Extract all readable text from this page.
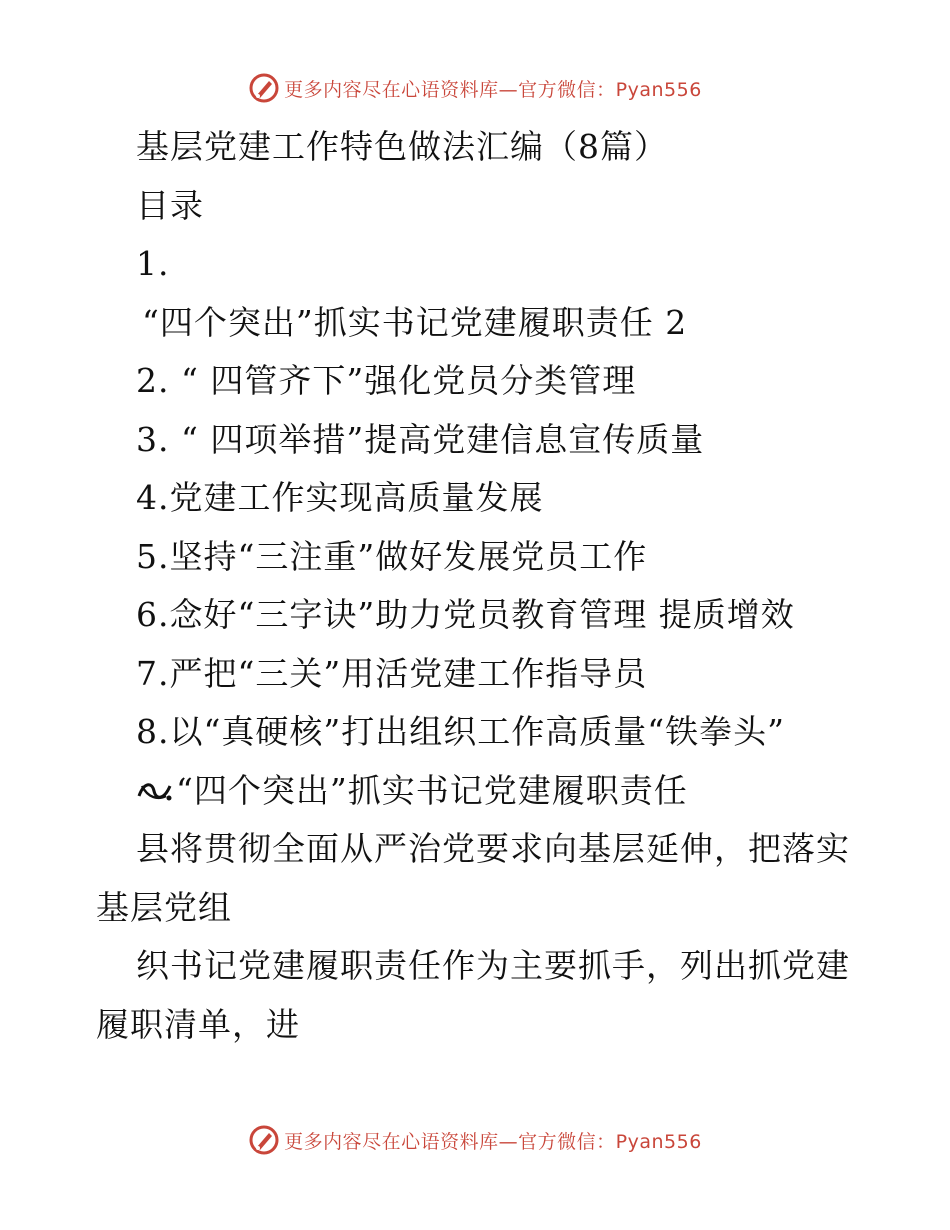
更多内容尽在心语资料库—官方微信：Pyan556
基层党建工作特色做法汇编（8篇）
目录
1.
“四个突出”抓实书记党建履职责任 2
2. “ 四管齐下”强化党员分类管理
3. “ 四项举措”提高党建信息宣传质量
4.党建工作实现高质量发展
5.坚持“三注重”做好发展党员工作
6.念好“三字诀”助力党员教育管理 提质增效
7.严把“三关”用活党建工作指导员
8.以“真硬核”打出组织工作高质量“铁拳头”
“四个突出”抓实书记党建履职责任
县将贯彻全面从严治党要求向基层延伸，把落实基层党组
织书记党建履职责任作为主要抓手，列出抓党建履职清单，进
更多内容尽在心语资料库—官方微信：Pyan556
